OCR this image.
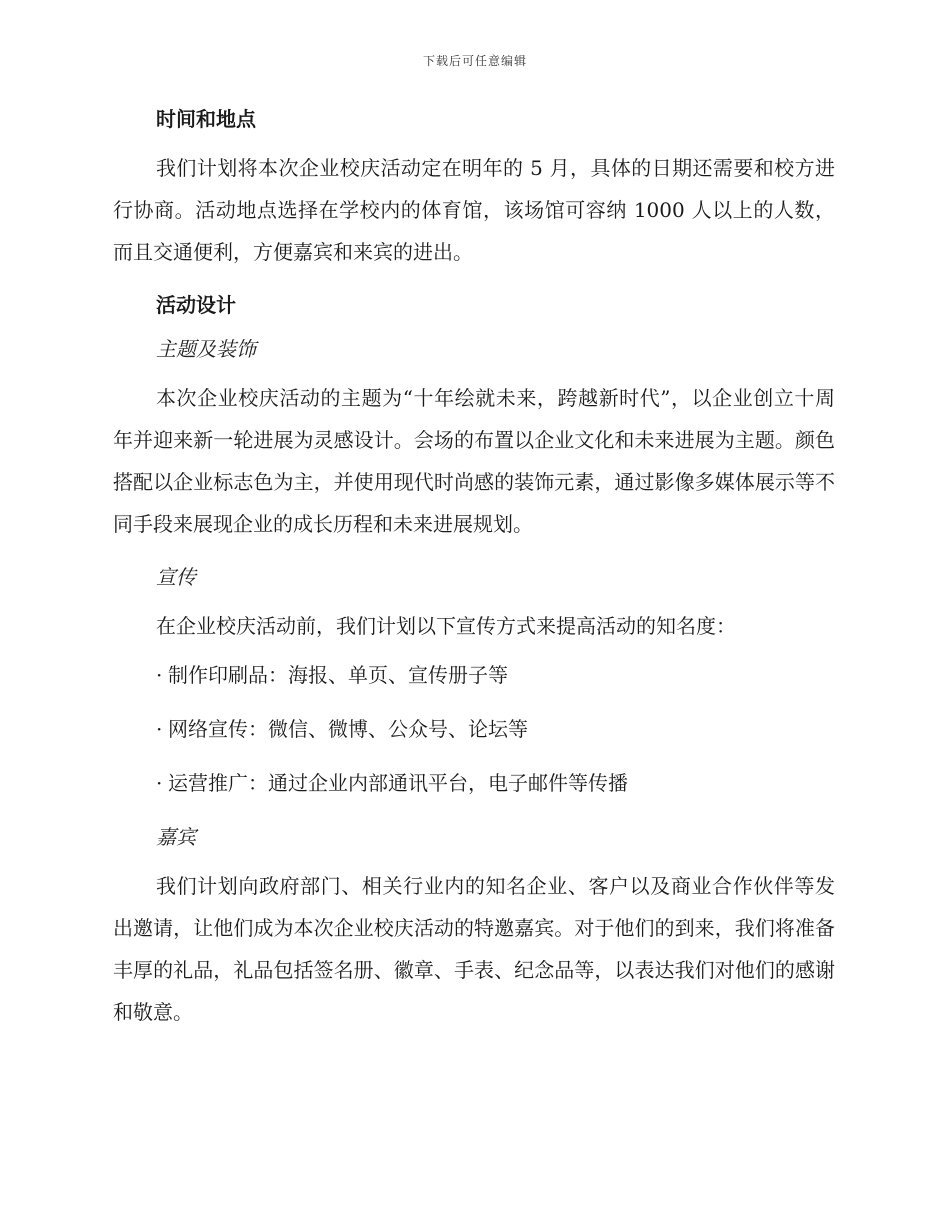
下载后可任意编辑
时间和地点
我们计划将本次企业校庆活动定在明年的 5 月，具体的日期还需要和校方进行协商。活动地点选择在学校内的体育馆，该场馆可容纳 1000 人以上的人数，而且交通便利，方便嘉宾和来宾的进出。
活动设计
主题及装饰
本次企业校庆活动的主题为“十年绘就未来，跨越新时代”，以企业创立十周年并迎来新一轮进展为灵感设计。会场的布置以企业文化和未来进展为主题。颜色搭配以企业标志色为主，并使用现代时尚感的装饰元素，通过影像多媒体展示等不同手段来展现企业的成长历程和未来进展规划。
宣传
在企业校庆活动前，我们计划以下宣传方式来提高活动的知名度：
· 制作印刷品：海报、单页、宣传册子等
· 网络宣传：微信、微博、公众号、论坛等
· 运营推广：通过企业内部通讯平台，电子邮件等传播
嘉宾
我们计划向政府部门、相关行业内的知名企业、客户以及商业合作伙伴等发出邀请，让他们成为本次企业校庆活动的特邀嘉宾。对于他们的到来，我们将准备丰厚的礼品，礼品包括签名册、徽章、手表、纪念品等，以表达我们对他们的感谢和敬意。
